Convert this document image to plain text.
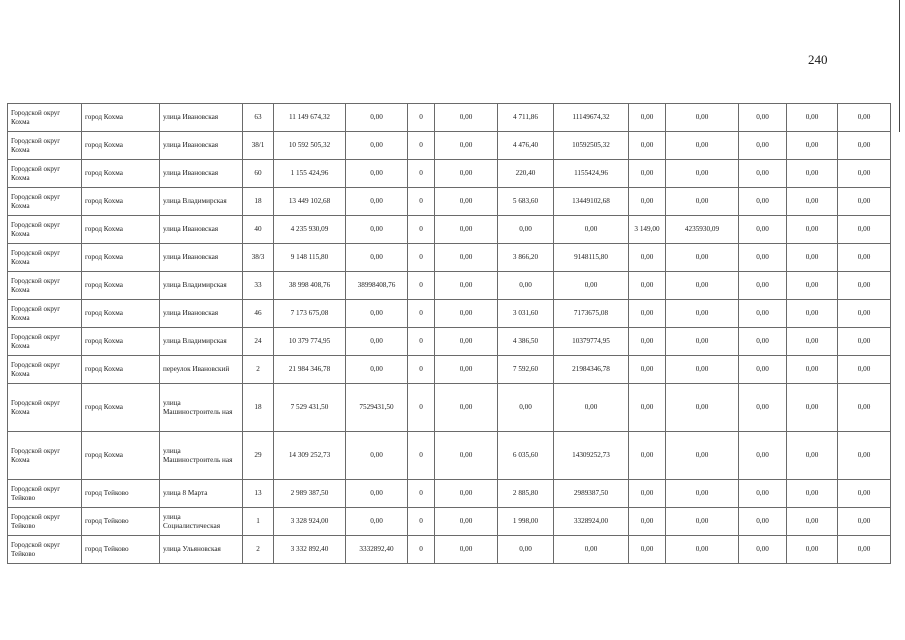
240
Городской округ Кохма	город Кохма	улица Ивановская	63	11 149 674,32	0,00	0	0,00	4 711,86	11149674,32	0,00	0,00	0,00	0,00	0,00
Городской округ Кохма	город Кохма	улица Ивановская	38/1	10 592 505,32	0,00	0	0,00	4 476,40	10592505,32	0,00	0,00	0,00	0,00	0,00
Городской округ Кохма	город Кохма	улица Ивановская	60	1 155 424,96	0,00	0	0,00	220,40	1155424,96	0,00	0,00	0,00	0,00	0,00
Городской округ Кохма	город Кохма	улица Владимирская	18	13 449 102,68	0,00	0	0,00	5 683,60	13449102,68	0,00	0,00	0,00	0,00	0,00
Городской округ Кохма	город Кохма	улица Ивановская	40	4 235 930,09	0,00	0	0,00	0,00	0,00	3 149,00	4235930,09	0,00	0,00	0,00
Городской округ Кохма	город Кохма	улица Ивановская	38/3	9 148 115,80	0,00	0	0,00	3 866,20	9148115,80	0,00	0,00	0,00	0,00	0,00
Городской округ Кохма	город Кохма	улица Владимирская	33	38 998 408,76	38998408,76	0	0,00	0,00	0,00	0,00	0,00	0,00	0,00	0,00
Городской округ Кохма	город Кохма	улица Ивановская	46	7 173 675,08	0,00	0	0,00	3 031,60	7173675,08	0,00	0,00	0,00	0,00	0,00
Городской округ Кохма	город Кохма	улица Владимирская	24	10 379 774,95	0,00	0	0,00	4 386,50	10379774,95	0,00	0,00	0,00	0,00	0,00
Городской округ Кохма	город Кохма	переулок Ивановский	2	21 984 346,78	0,00	0	0,00	7 592,60	21984346,78	0,00	0,00	0,00	0,00	0,00
Городской округ Кохма	город Кохма	улица Машиностроитель ная	18	7 529 431,50	7529431,50	0	0,00	0,00	0,00	0,00	0,00	0,00	0,00	0,00
Городской округ Кохма	город Кохма	улица Машиностроитель ная	29	14 309 252,73	0,00	0	0,00	6 035,60	14309252,73	0,00	0,00	0,00	0,00	0,00
Городской округ Тейково	город Тейково	улица 8 Марта	13	2 989 387,50	0,00	0	0,00	2 885,80	2989387,50	0,00	0,00	0,00	0,00	0,00
Городской округ Тейково	город Тейково	улица Социалистическая	1	3 328 924,00	0,00	0	0,00	1 998,00	3328924,00	0,00	0,00	0,00	0,00	0,00
Городской округ Тейково	город Тейково	улица Ульяновская	2	3 332 892,40	3332892,40	0	0,00	0,00	0,00	0,00	0,00	0,00	0,00	0,00
